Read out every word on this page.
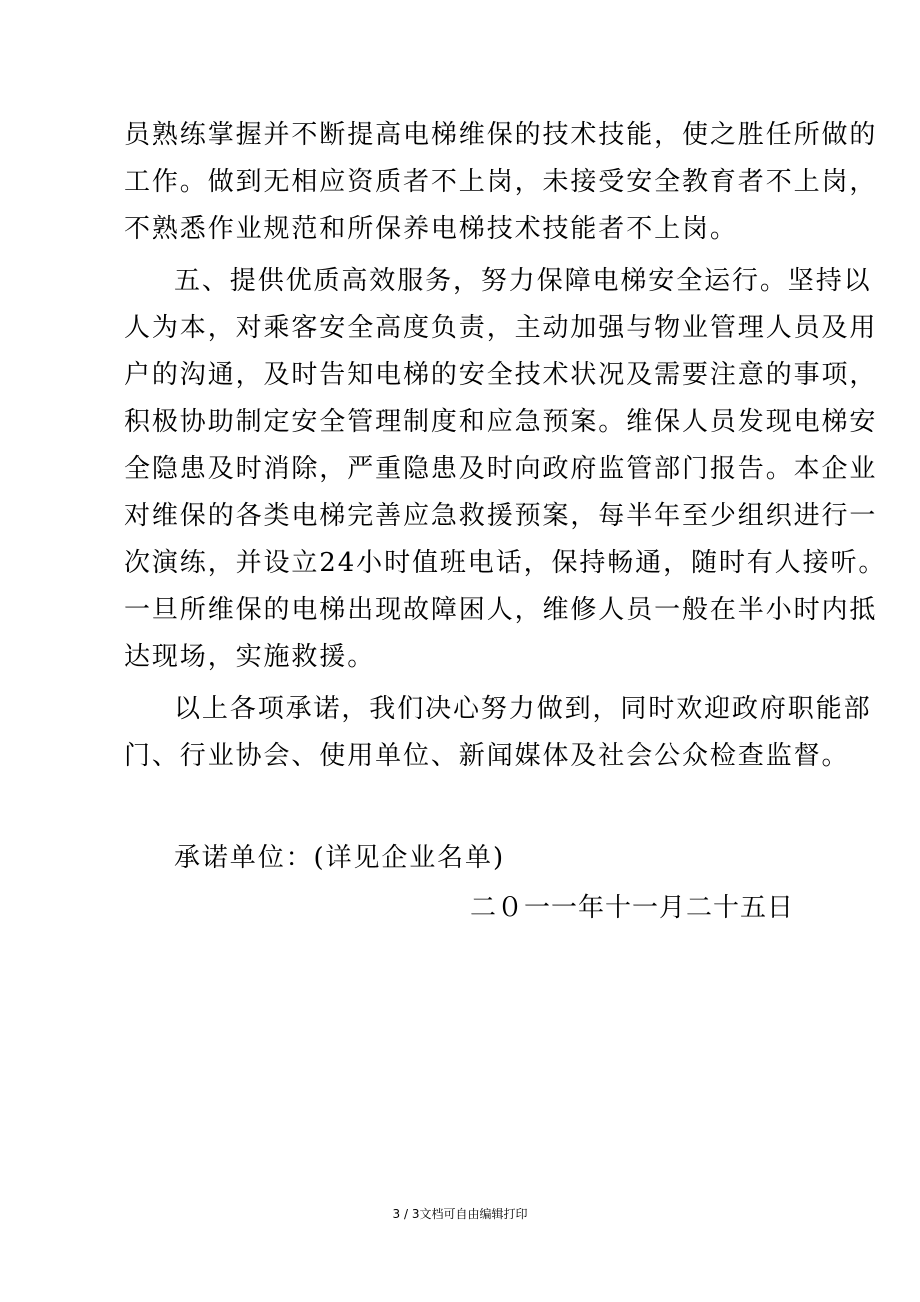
员熟练掌握并不断提高电梯维保的技术技能，使之胜任所做的
工作。做到无相应资质者不上岗，未接受安全教育者不上岗，
不熟悉作业规范和所保养电梯技术技能者不上岗。
五、提供优质高效服务，努力保障电梯安全运行。坚持以
人为本，对乘客安全高度负责，主动加强与物业管理人员及用
户的沟通，及时告知电梯的安全技术状况及需要注意的事项，
积极协助制定安全管理制度和应急预案。维保人员发现电梯安
全隐患及时消除，严重隐患及时向政府监管部门报告。本企业
对维保的各类电梯完善应急救援预案，每半年至少组织进行一
次演练，并设立24小时值班电话，保持畅通，随时有人接听。
一旦所维保的电梯出现故障困人，维修人员一般在半小时内抵
达现场，实施救援。
以上各项承诺，我们决心努力做到，同时欢迎政府职能部
门、行业协会、使用单位、新闻媒体及社会公众检查监督。
承诺单位：(详见企业名单)
二０一一年十一月二十五日
3 / 3文档可自由编辑打印
